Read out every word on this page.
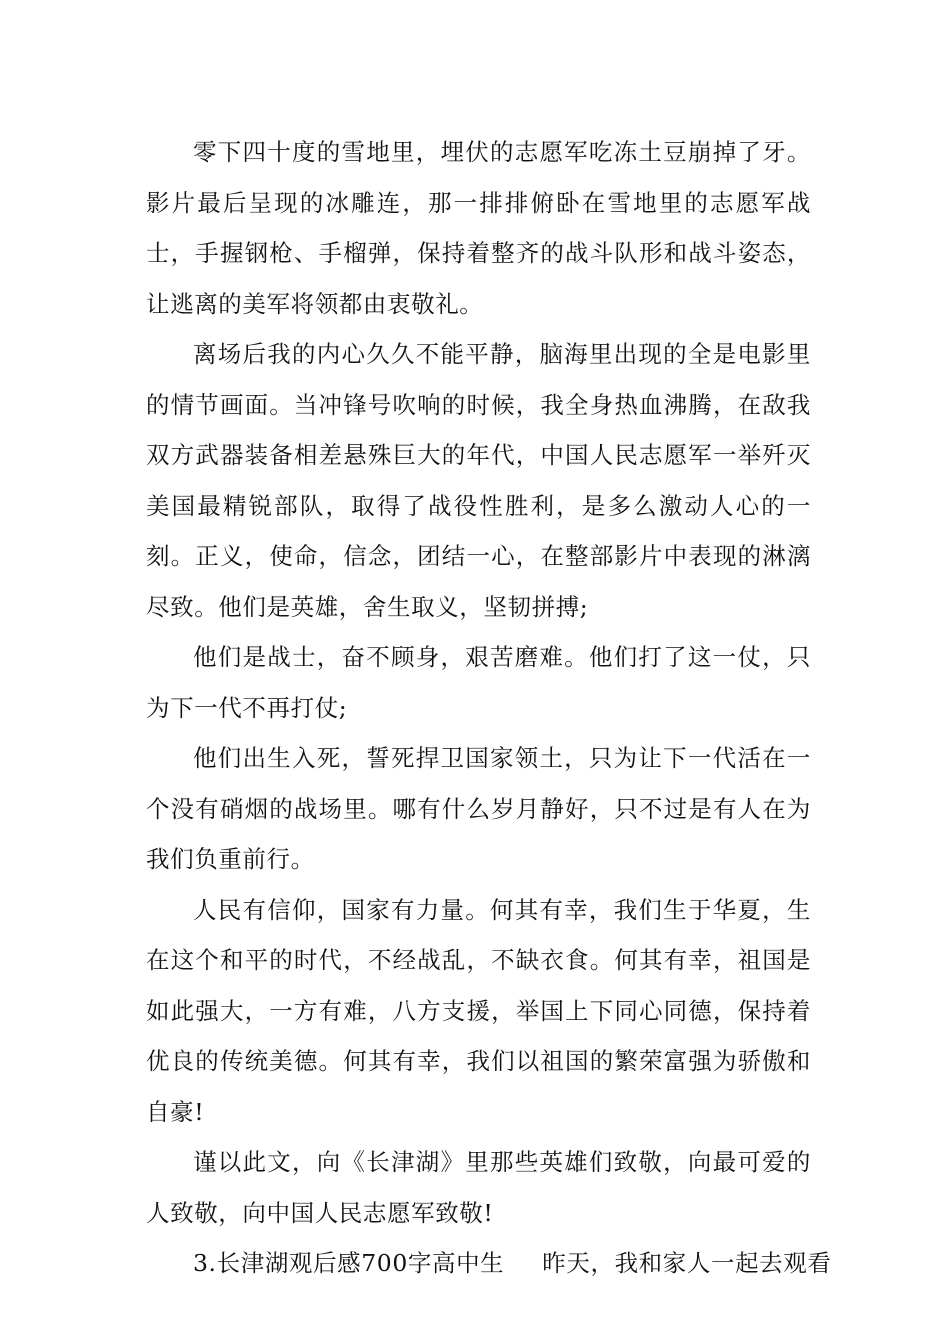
零下四十度的雪地里，埋伏的志愿军吃冻土豆崩掉了牙。影片最后呈现的冰雕连，那一排排俯卧在雪地里的志愿军战士，手握钢枪、手榴弹，保持着整齐的战斗队形和战斗姿态，让逃离的美军将领都由衷敬礼。

离场后我的内心久久不能平静，脑海里出现的全是电影里的情节画面。当冲锋号吹响的时候，我全身热血沸腾，在敌我双方武器装备相差悬殊巨大的年代，中国人民志愿军一举歼灭美国最精锐部队，取得了战役性胜利，是多么激动人心的一刻。正义，使命，信念，团结一心，在整部影片中表现的淋漓尽致。他们是英雄，舍生取义，坚韧拼搏;

他们是战士，奋不顾身，艰苦磨难。他们打了这一仗，只为下一代不再打仗;

他们出生入死，誓死捍卫国家领土，只为让下一代活在一个没有硝烟的战场里。哪有什么岁月静好，只不过是有人在为我们负重前行。

人民有信仰，国家有力量。何其有幸，我们生于华夏，生在这个和平的时代，不经战乱，不缺衣食。何其有幸，祖国是如此强大，一方有难，八方支援，举国上下同心同德，保持着优良的传统美德。何其有幸，我们以祖国的繁荣富强为骄傲和自豪!

谨以此文，向《长津湖》里那些英雄们致敬，向最可爱的人致敬，向中国人民志愿军致敬!

3.长津湖观后感700字高中生 昨天，我和家人一起去观看
